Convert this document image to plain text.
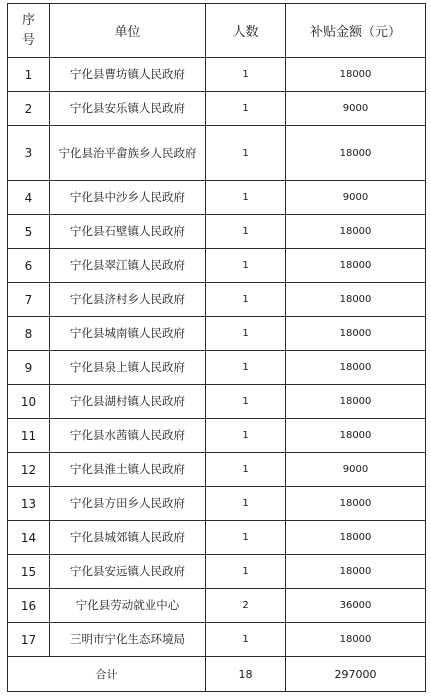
序
号	单位	人数	补贴金额（元）
1	宁化县曹坊镇人民政府	1	18000
2	宁化县安乐镇人民政府	1	9000
3	宁化县治平畲族乡人民政府	1	18000
4	宁化县中沙乡人民政府	1	9000
5	宁化县石壁镇人民政府	1	18000
6	宁化县翠江镇人民政府	1	18000
7	宁化县济村乡人民政府	1	18000
8	宁化县城南镇人民政府	1	18000
9	宁化县泉上镇人民政府	1	18000
10	宁化县湖村镇人民政府	1	18000
11	宁化县水茜镇人民政府	1	18000
12	宁化县淮土镇人民政府	1	9000
13	宁化县方田乡人民政府	1	18000
14	宁化县城郊镇人民政府	1	18000
15	宁化县安远镇人民政府	1	18000
16	宁化县劳动就业中心	2	36000
17	三明市宁化生态环境局	1	18000
合计		18	297000
